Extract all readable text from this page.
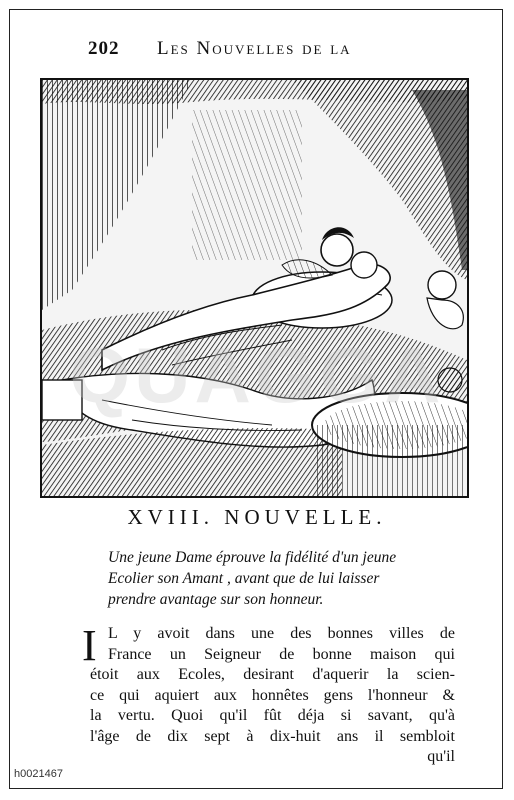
202 Les Nouvelles de la
XVIII. NOUVELLE.
Une jeune Dame éprouve la fidélité d'un jeune
Ecolier son Amant , avant que de lui laisser
prendre avantage sur son honneur.
I L y avoit dans une des bonnes villes de
France un Seigneur de bonne maison qui
étoit aux Ecoles, desirant d'aquerir la scien-
ce qui aquiert aux honnêtes gens l'honneur &
la vertu. Quoi qu'il fût déja si savant, qu'à
l'âge de dix sept à dix-huit ans il sembloit
qu'il
QUAGGA
h0021467
